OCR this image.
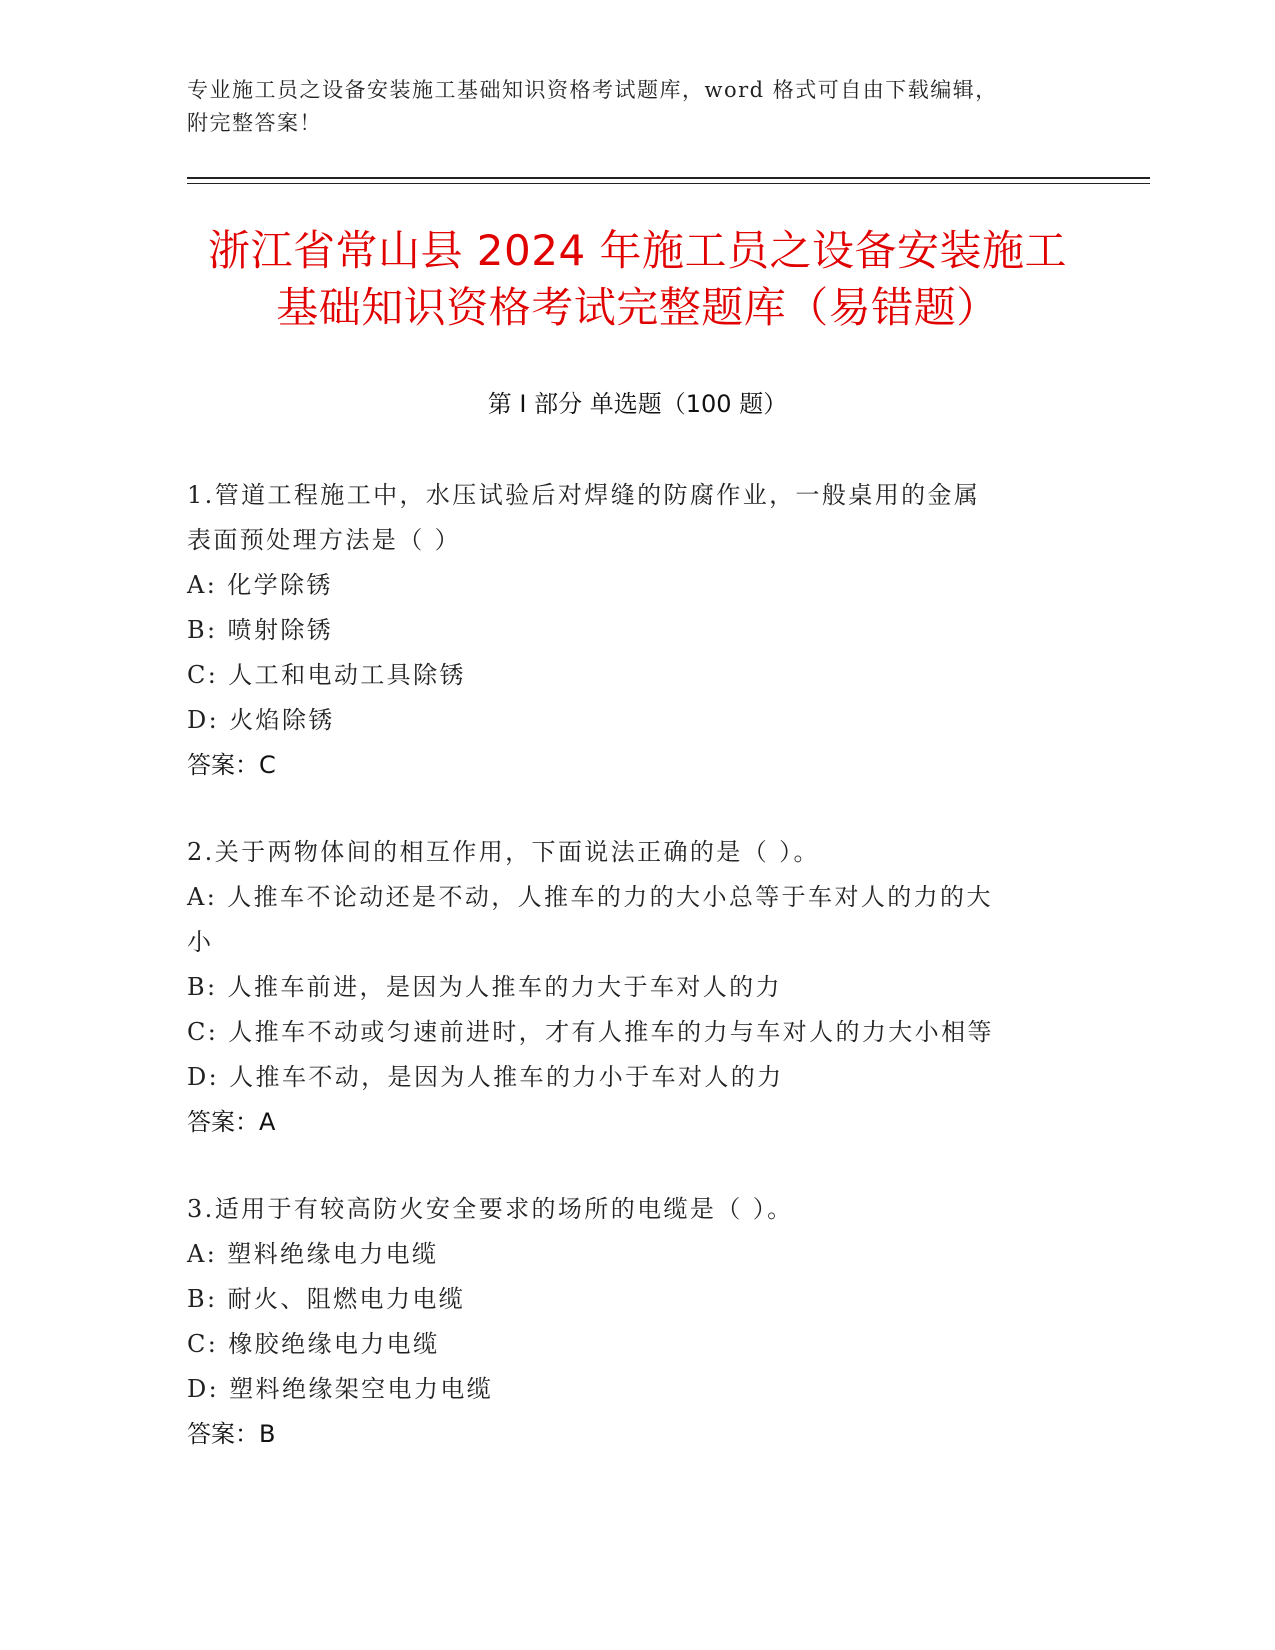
专业施工员之设备安装施工基础知识资格考试题库，word 格式可自由下载编辑，
附完整答案！
浙江省常山县 2024 年施工员之设备安装施工
基础知识资格考试完整题库（易错题）
第 I 部分 单选题（100 题）
1.管道工程施工中，水压试验后对焊缝的防腐作业，一般桌用的金属
表面预处理方法是（ ）
A: 化学除锈
B: 喷射除锈
C: 人工和电动工具除锈
D: 火焰除锈
答案：C
2.关于两物体间的相互作用，下面说法正确的是（ ）。
A: 人推车不论动还是不动，人推车的力的大小总等于车对人的力的大
小
B: 人推车前进，是因为人推车的力大于车对人的力
C: 人推车不动或匀速前进时，才有人推车的力与车对人的力大小相等
D: 人推车不动，是因为人推车的力小于车对人的力
答案：A
3.适用于有较高防火安全要求的场所的电缆是（ ）。
A: 塑料绝缘电力电缆
B: 耐火、阻燃电力电缆
C: 橡胶绝缘电力电缆
D: 塑料绝缘架空电力电缆
答案：B
